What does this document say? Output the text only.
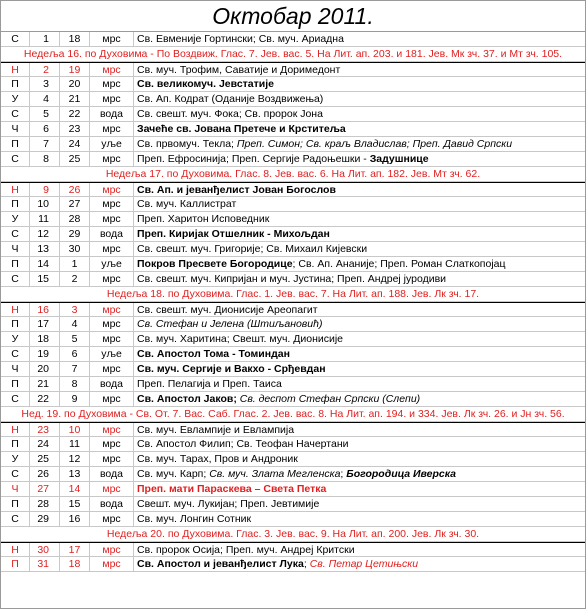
Октобар 2011.
С	1	18	мрс	Св. Евменије Гортински; Св. муч. Ариадна
Недеља 16. по Духовима - По Воздвиж. Глас. 7. Јев. вас. 5. На Лит. ап. 203. и 181. Јев. Мк зч. 37. и Мт зч. 105.
Н	2	19	мрс	Св. муч. Трофим, Саватије и Доримедонт
П	3	20	мрс	Св. великомуч. Јевстатије
У	4	21	мрс	Св. Ап. Кодрат (Оданије Воздвижења)
С	5	22	вода	Св. свешт. муч. Фока; Св. пророк Јона
Ч	6	23	мрс	Зачеће св. Јована Претече и Крститеља
П	7	24	уље	Св. првомуч. Текла; Преп. Симон; Св. краљ Владислав; Преп. Давид Српски
С	8	25	мрс	Преп. Ефросинија; Преп. Сергије Радоњешки - Задушнице
Недеља 17. по Духовима. Глас. 8. Јев. вас. 6. На Лит. ап. 182. Јев. Мт зч. 62.
Н	9	26	мрс	Св. Ап. и јеванђелист Јован Богослов
П	10	27	мрс	Св. муч. Каллистрат
У	11	28	мрс	Преп. Харитон Исповедник
С	12	29	вода	Преп. Киријак Отшелник - Михољдан
Ч	13	30	мрс	Св. свешт. муч. Григорије; Св. Михаил Кијевски
П	14	1	уље	Покров Пресвете Богородице; Св. Ап. Ананије; Преп. Роман Слаткопојац
С	15	2	мрс	Св. свешт. муч. Кипријан и муч. Јустина; Преп. Андреј јуродиви
Недеља 18. по Духовима. Глас. 1. Јев. вас. 7. На Лит. ап. 188. Јев. Лк зч. 17.
Н	16	3	мрс	Св. свешт. муч. Дионисије Ареопагит
П	17	4	мрс	Св. Стефан и Јелена (Штиљановић)
У	18	5	мрс	Св. муч. Харитина; Свешт. муч. Дионисије
С	19	6	уље	Св. Апостол Тома - Томиндан
Ч	20	7	мрс	Св. муч. Сергије и Вакхо - Срђевдан
П	21	8	вода	Преп. Пелагија и Преп. Таиса
С	22	9	мрс	Св. Апостол Јаков; Св. деспот Стефан Српски (Слепи)
Нед. 19. по Духовима - Св. От. 7. Вас. Саб. Глас. 2. Јев. вас. 8. На Лит. ап. 194. и 334. Јев. Лк зч. 26. и Јн зч. 56.
Н	23	10	мрс	Св. муч. Евлампије и Евлампија
П	24	11	мрс	Св. Апостол Филип; Св. Теофан Начертани
У	25	12	мрс	Св. муч. Тарах, Пров и Андроник
С	26	13	вода	Св. муч. Карп; Св. муч. Злата Мегленска; Богородица Иверска
Ч	27	14	мрс	Преп. мати Параскева – Света Петка
П	28	15	вода	Свешт. муч. Лукијан; Преп. Јевтимије
С	29	16	мрс	Св. муч. Лонгин Сотник
Недеља 20. по Духовима. Глас. 3. Јев. вас. 9. На Лит. ап. 200. Јев. Лк зч. 30.
Н	30	17	мрс	Св. пророк Осија; Преп. муч. Андреј Критски
П	31	18	мрс	Св. Апостол и јеванђелист Лука; Св. Петар Цетињски
